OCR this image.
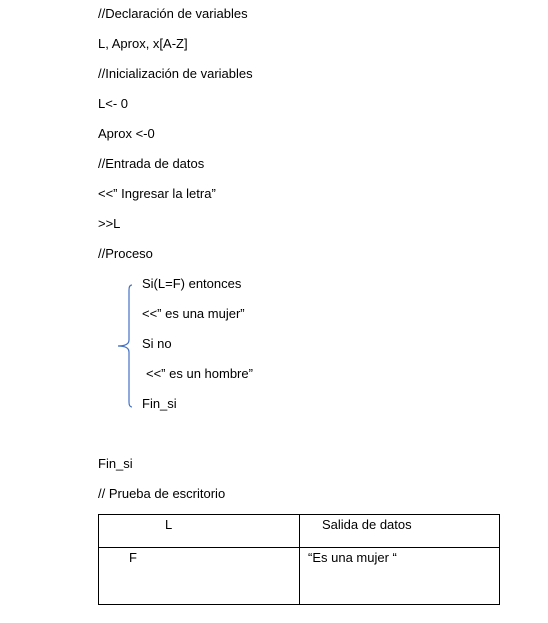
//Declaración de variables
L, Aprox, x[A-Z]
//Inicialización de variables
L<- 0
Aprox <-0
//Entrada de datos
<<” Ingresar la letra”
>>L
//Proceso
Si(L=F) entonces
<<” es una mujer”
Si no
<<” es un hombre”
Fin_si
Fin_si
// Prueba de escritorio
L	Salida de datos
F	“Es una mujer “
